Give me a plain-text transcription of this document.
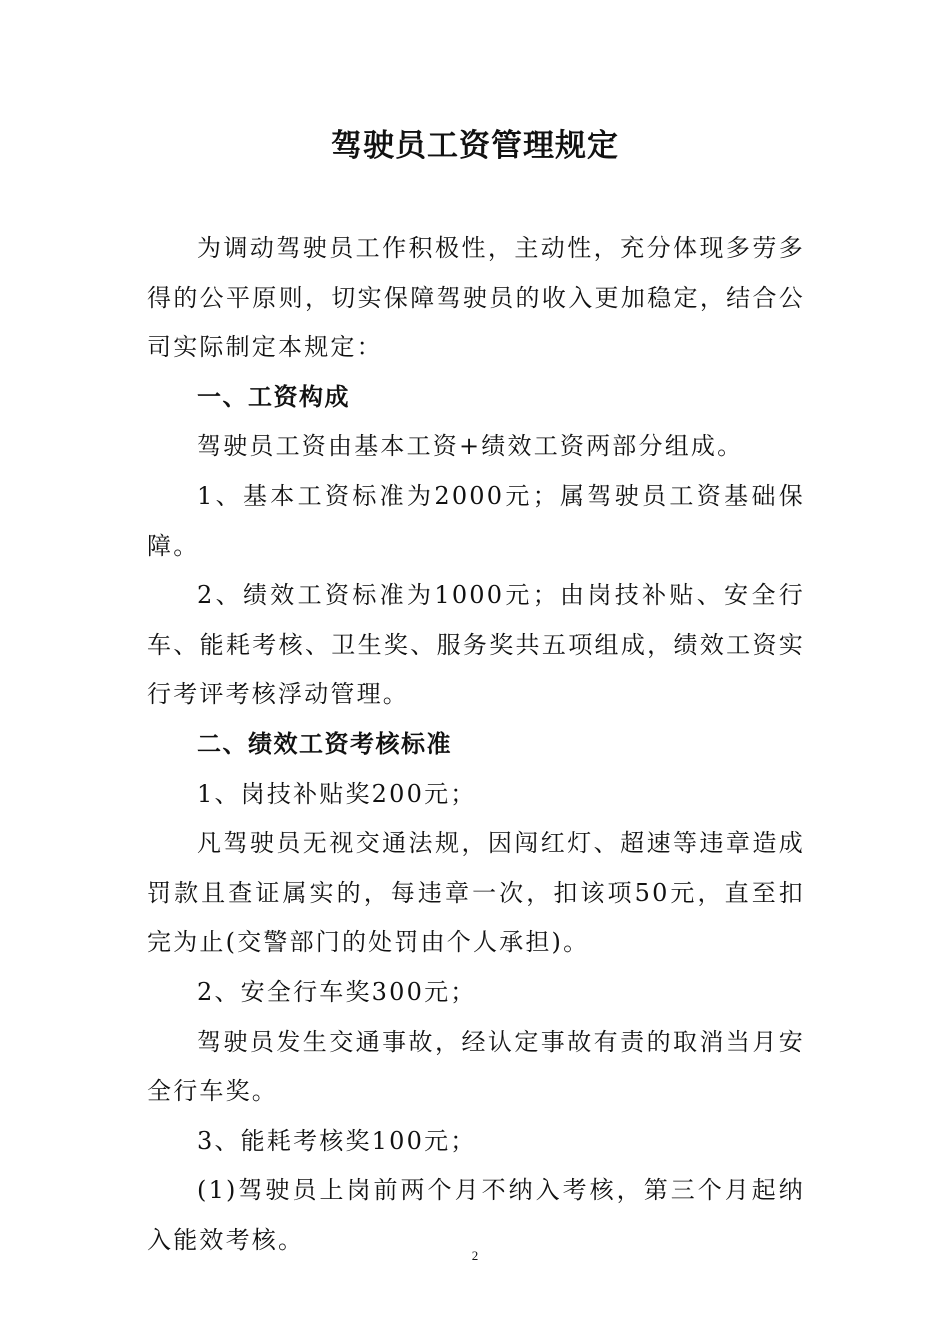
驾驶员工资管理规定

为调动驾驶员工作积极性，主动性，充分体现多劳多得的公平原则，切实保障驾驶员的收入更加稳定，结合公司实际制定本规定：

一、工资构成

驾驶员工资由基本工资+绩效工资两部分组成。

1、基本工资标准为2000元；属驾驶员工资基础保障。

2、绩效工资标准为1000元；由岗技补贴、安全行车、能耗考核、卫生奖、服务奖共五项组成，绩效工资实行考评考核浮动管理。

二、绩效工资考核标准

1、岗技补贴奖200元；

凡驾驶员无视交通法规，因闯红灯、超速等违章造成罚款且查证属实的，每违章一次，扣该项50元，直至扣完为止(交警部门的处罚由个人承担)。

2、安全行车奖300元；

驾驶员发生交通事故，经认定事故有责的取消当月安全行车奖。

3、能耗考核奖100元；

(1)驾驶员上岗前两个月不纳入考核，第三个月起纳入能效考核。

2
